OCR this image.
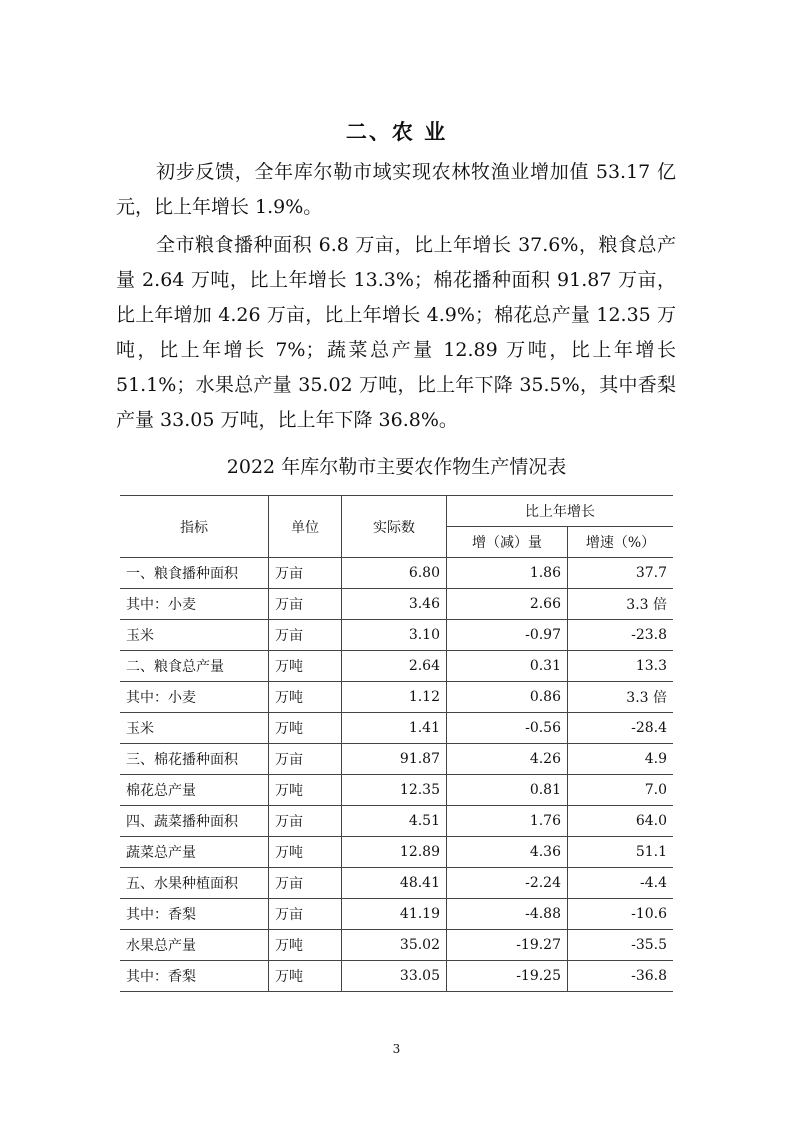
二、农 业

初步反馈，全年库尔勒市域实现农林牧渔业增加值 53.17 亿元，比上年增长 1.9%。

全市粮食播种面积 6.8 万亩，比上年增长 37.6%，粮食总产量 2.64 万吨，比上年增长 13.3%；棉花播种面积 91.87 万亩，比上年增加 4.26 万亩，比上年增长 4.9%；棉花总产量 12.35 万吨，比上年增长 7%；蔬菜总产量 12.89 万吨，比上年增长 51.1%；水果总产量 35.02 万吨，比上年下降 35.5%，其中香梨产量 33.05 万吨，比上年下降 36.8%。

2022 年库尔勒市主要农作物生产情况表
指标	单位	实际数	比上年增长	
			增（减）量	增速（%）
一、粮食播种面积	万亩	6.80	1.86	37.7
其中：小麦	万亩	3.46	2.66	3.3 倍
玉米	万亩	3.10	-0.97	-23.8
二、粮食总产量	万吨	2.64	0.31	13.3
其中：小麦	万吨	1.12	0.86	3.3 倍
玉米	万吨	1.41	-0.56	-28.4
三、棉花播种面积	万亩	91.87	4.26	4.9
棉花总产量	万吨	12.35	0.81	7.0
四、蔬菜播种面积	万亩	4.51	1.76	64.0
蔬菜总产量	万吨	12.89	4.36	51.1
五、水果种植面积	万亩	48.41	-2.24	-4.4
其中：香梨	万亩	41.19	-4.88	-10.6
水果总产量	万吨	35.02	-19.27	-35.5
其中：香梨	万吨	33.05	-19.25	-36.8
3
